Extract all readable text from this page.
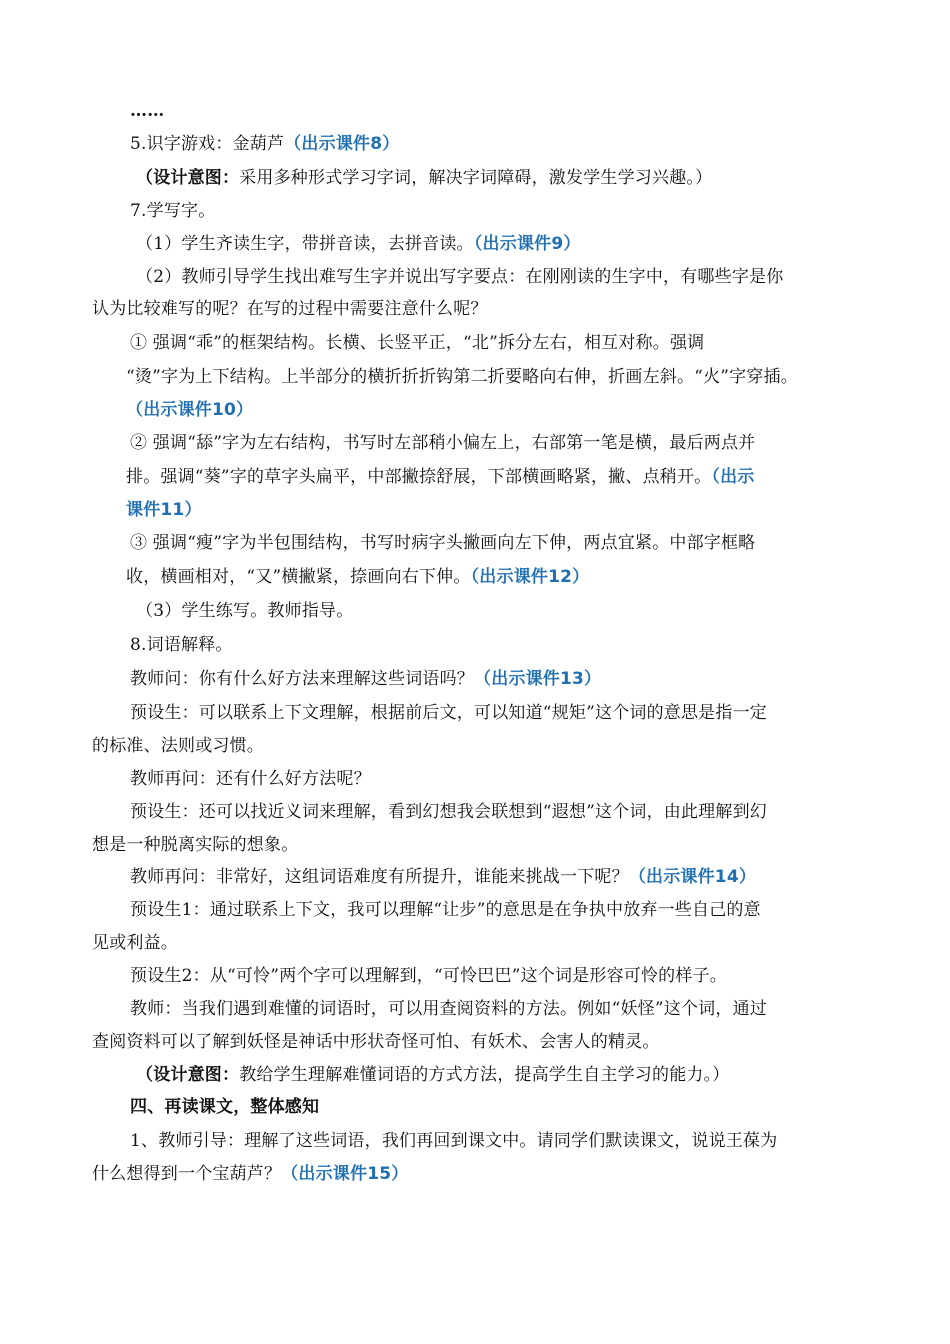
……
5.识字游戏：金葫芦（出示课件8）
（设计意图：采用多种形式学习字词，解决字词障碍，激发学生学习兴趣。）
7.学写字。
（1）学生齐读生字，带拼音读，去拼音读。（出示课件9）
（2）教师引导学生找出难写生字并说出写字要点：在刚刚读的生字中，有哪些字是你
认为比较难写的呢？在写的过程中需要注意什么呢？
① 强调“乖”的框架结构。长横、长竖平正，“北”拆分左右，相互对称。强调
“烫”字为上下结构。上半部分的横折折折钩第二折要略向右伸，折画左斜。“火”字穿插。
（出示课件10）
② 强调“舔”字为左右结构，书写时左部稍小偏左上，右部第一笔是横，最后两点并
排。强调“葵”字的草字头扁平，中部撇捺舒展，下部横画略紧，撇、点稍开。（出示
课件11）
③ 强调“瘦”字为半包围结构，书写时病字头撇画向左下伸，两点宜紧。中部字框略
收，横画相对，“又”横撇紧，捺画向右下伸。（出示课件12）
（3）学生练写。教师指导。
8.词语解释。
教师问：你有什么好方法来理解这些词语吗？（出示课件13）
预设生：可以联系上下文理解，根据前后文，可以知道“规矩”这个词的意思是指一定
的标准、法则或习惯。
教师再问：还有什么好方法呢？
预设生：还可以找近义词来理解，看到幻想我会联想到“遐想”这个词，由此理解到幻
想是一种脱离实际的想象。
教师再问：非常好，这组词语难度有所提升，谁能来挑战一下呢？（出示课件14）
预设生1：通过联系上下文，我可以理解“让步”的意思是在争执中放弃一些自己的意
见或利益。
预设生2：从“可怜”两个字可以理解到，“可怜巴巴”这个词是形容可怜的样子。
教师：当我们遇到难懂的词语时，可以用查阅资料的方法。例如“妖怪”这个词，通过
查阅资料可以了解到妖怪是神话中形状奇怪可怕、有妖术、会害人的精灵。
（设计意图：教给学生理解难懂词语的方式方法，提高学生自主学习的能力。）
四、再读课文，整体感知
1、教师引导：理解了这些词语，我们再回到课文中。请同学们默读课文，说说王葆为
什么想得到一个宝葫芦？（出示课件15）
